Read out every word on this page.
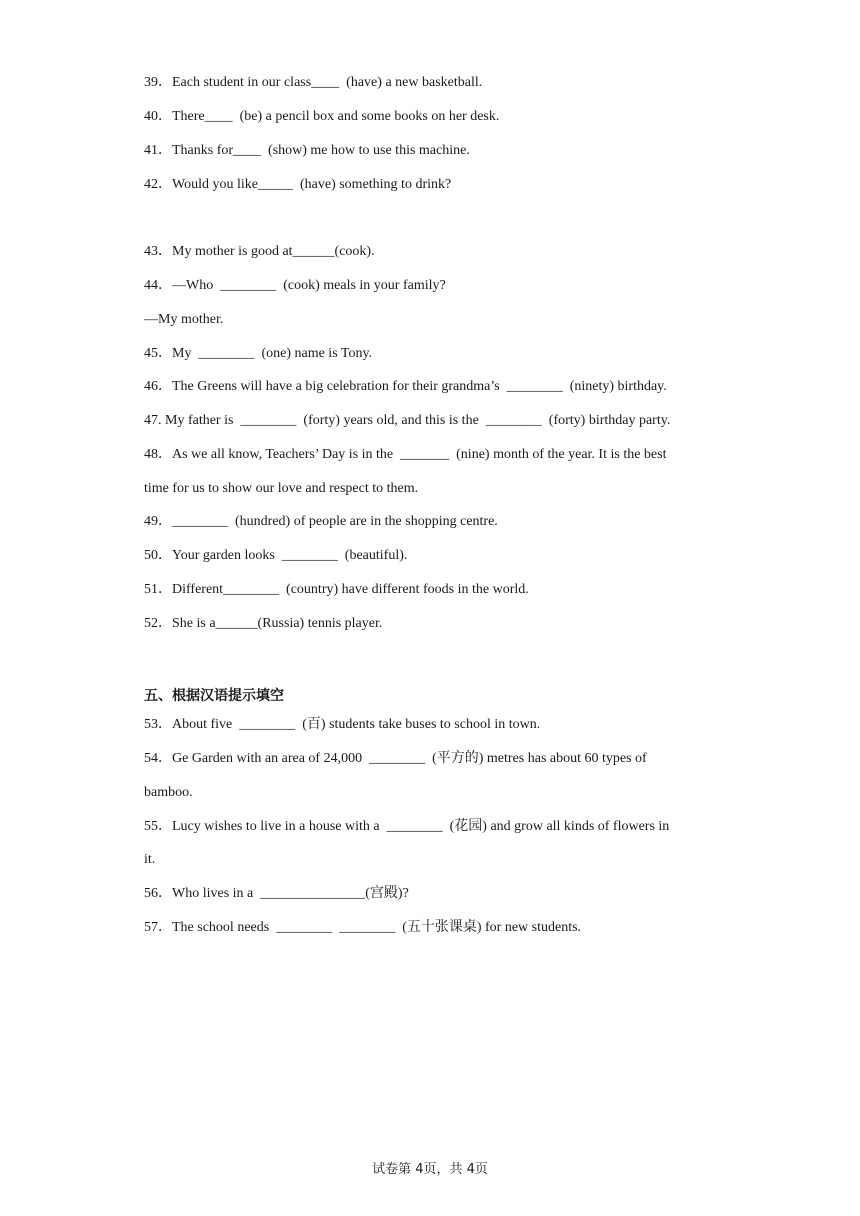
39．Each student in our class____  (have) a new basketball.
40．There____  (be) a pencil box and some books on her desk.
41．Thanks for____  (show) me how to use this machine.
42．Would you like_____  (have) something to drink?
43．My mother is good at______(cook).
44．—Who  ________  (cook) meals in your family?
—My mother.
45．My  ________  (one) name is Tony.
46．The Greens will have a big celebration for their grandma’s  ________  (ninety) birthday.
47. My father is  ________  (forty) years old, and this is the  ________  (forty) birthday party.
48．As we all know, Teachers’ Day is in the  _______  (nine) month of the year. It is the best
time for us to show our love and respect to them.
49．________  (hundred) of people are in the shopping centre.
50．Your garden looks  ________  (beautiful).
51．Different________  (country) have different foods in the world.
52．She is a______(Russia) tennis player.
五、根据汉语提示填空
53．About five  ________  (百) students take buses to school in town.
54．Ge Garden with an area of 24,000  ________  (平方的) metres has about 60 types of
bamboo.
55．Lucy wishes to live in a house with a  ________  (花园) and grow all kinds of flowers in
it.
56．Who lives in a  _______________(宫殿)?
57．The school needs  ________  ________  (五十张课桌) for new students.
试卷第 4页，共 4页
